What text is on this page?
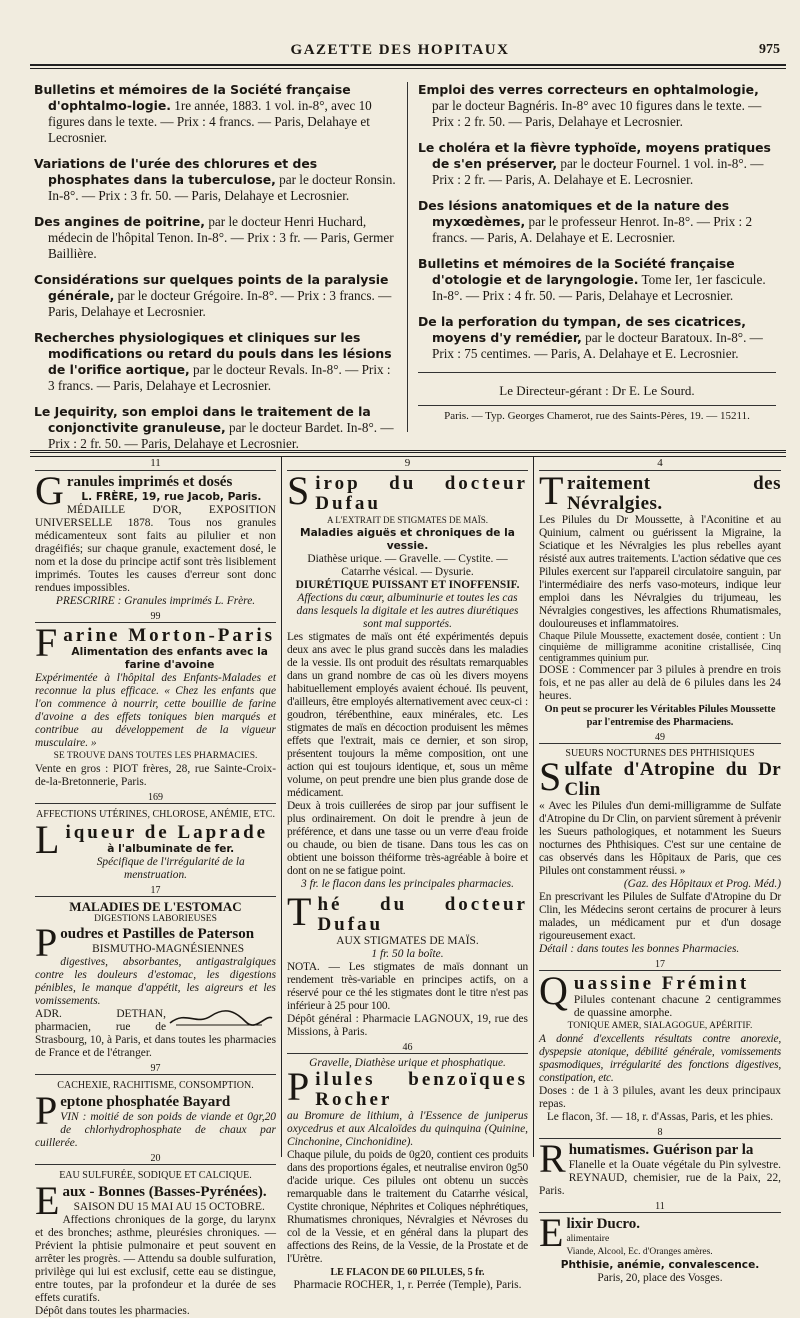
GAZETTE DES HOPITAUX	975
Bulletins et mémoires de la Société française d'ophtalmo-logie. 1re année, 1883. 1 vol. in-8°, avec 10 figures dans le texte. — Prix : 4 francs. — Paris, Delahaye et Lecrosnier.
Variations de l'urée des chlorures et des phosphates dans la tuberculose, par le docteur Ronsin. In-8°. — Prix : 3 fr. 50. — Paris, Delahaye et Lecrosnier.
Des angines de poitrine, par le docteur Henri Huchard, médecin de l'hôpital Tenon. In-8°. — Prix : 3 fr. — Paris, Germer Baillière.
Considérations sur quelques points de la paralysie générale, par le docteur Grégoire. In-8°. — Prix : 3 francs. — Paris, Delahaye et Lecrosnier.
Recherches physiologiques et cliniques sur les modifications ou retard du pouls dans les lésions de l'orifice aortique, par le docteur Revals. In-8°. — Prix : 3 francs. — Paris, Delahaye et Lecrosnier.
Le Jequirity, son emploi dans le traitement de la conjonctivite granuleuse, par le docteur Bardet. In-8°. — Prix : 2 fr. 50. — Paris, Delahaye et Lecrosnier.
Emploi des verres correcteurs en ophtalmologie, par le docteur Bagnéris. In-8° avec 10 figures dans le texte. — Prix : 2 fr. 50. — Paris, Delahaye et Lecrosnier.
Le choléra et la fièvre typhoïde, moyens pratiques de s'en préserver, par le docteur Fournel. 1 vol. in-8°. — Prix : 2 fr. — Paris, A. Delahaye et E. Lecrosnier.
Des lésions anatomiques et de la nature des myxœdèmes, par le professeur Henrot. In-8°. — Prix : 2 francs. — Paris, A. Delahaye et E. Lecrosnier.
Bulletins et mémoires de la Société française d'otologie et de laryngologie. Tome Ier, 1er fascicule. In-8°. — Prix : 4 fr. 50. — Paris, Delahaye et Lecrosnier.
De la perforation du tympan, de ses cicatrices, moyens d'y remédier, par le docteur Baratoux. In-8°. — Prix : 75 centimes. — Paris, A. Delahaye et E. Lecrosnier.
Le Directeur-gérant : Dr E. Le Sourd.
Paris. — Typ. Georges Chamerot, rue des Saints-Pères, 19. — 15211.
11
G ranules imprimés et dosés
L. FRÈRE, 19, rue Jacob, Paris.
MÉDAILLE D'OR, EXPOSITION UNIVERSELLE 1878. Tous nos granules médicamenteux sont faits au pilulier et non dragéifiés; sur chaque granule, exactement dosé, le nom et la dose du principe actif sont très lisiblement imprimés. Toutes les causes d'erreur sont donc rendues impossibles.
PRESCRIRE : Granules imprimés L. Frère.
99
F arine Morton-Paris
Alimentation des enfants avec la farine d'avoine
Expérimentée à l'hôpital des Enfants-Malades et reconnue la plus efficace. « Chez les enfants que l'on commence à nourrir, cette bouillie de farine d'avoine a des effets toniques bien marqués et contribue au développement de la vigueur musculaire. »
SE TROUVE DANS TOUTES LES PHARMACIES.
Vente en gros : PIOT frères, 28, rue Sainte-Croix-de-la-Bretonnerie, Paris.
169
AFFECTIONS UTÉRINES, CHLOROSE, ANÉMIE, ETC.
L iqueur de Laprade
à l'albuminate de fer.
Spécifique de l'irrégularité de la menstruation.
17
MALADIES DE L'ESTOMAC
DIGESTIONS LABORIEUSES
P oudres et Pastilles de Paterson
BISMUTHO-MAGNÉSIENNES
digestives, absorbantes, antigastralgiques contre les douleurs d'estomac, les digestions pénibles, le manque d'appétit, les aigreurs et les vomissements.
ADR. DETHAN, pharmacien, rue de Strasbourg, 10, à Paris, et dans toutes les pharmacies de France et de l'étranger.
97
CACHEXIE, RACHITISME, CONSOMPTION.
P eptone phosphatée Bayard
VIN : moitié de son poids de viande et 0gr,20 de chlorhydrophosphate de chaux par cuillerée.
20
EAU SULFURÉE, SODIQUE ET CALCIQUE.
E aux - Bonnes (Basses-Pyrénées).
SAISON DU 15 MAI AU 15 OCTOBRE.
Affections chroniques de la gorge, du larynx et des bronches; asthme, pleurésies chroniques. — Prévient la phtisie pulmonaire et peut souvent en arrêter les progrès. — Attendu sa double sulfuration, privilège qui lui est exclusif, cette eau se distingue, entre toutes, par la profondeur et la durée de ses effets curatifs.
Dépôt dans toutes les pharmacies.
9
S irop du docteur Dufau
A L'EXTRAIT DE STIGMATES DE MAÏS.
Maladies aiguës et chroniques de la vessie.
Diathèse urique. — Gravelle. — Cystite. — Catarrhe vésical. — Dysurie.
DIURÉTIQUE PUISSANT ET INOFFENSIF.
Affections du cœur, albuminurie et toutes les cas dans lesquels la digitale et les autres diurétiques sont mal supportés.
Les stigmates de maïs ont été expérimentés depuis deux ans avec le plus grand succès dans les maladies de la vessie. Ils ont produit des résultats remarquables dans un grand nombre de cas où les divers moyens habituellement employés avaient échoué. Ils peuvent, d'ailleurs, être employés alternativement avec ceux-ci : goudron, térébenthine, eaux minérales, etc. Les stigmates de maïs en décoction produisent les mêmes effets que l'extrait, mais ce dernier, et son sirop, présentent toujours la même composition, ont une action qui est toujours identique, et, sous un même volume, on peut prendre une bien plus grande dose de médicament.
Deux à trois cuillerées de sirop par jour suffisent le plus ordinairement. On doit le prendre à jeun de préférence, et dans une tasse ou un verre d'eau froide ou chaude, ou bien de tisane. Dans tous les cas on obtient une boisson théiforme très-agréable à boire et dont on ne se fatigue point.
3 fr. le flacon dans les principales pharmacies.
T hé du docteur Dufau
AUX STIGMATES DE MAÏS.
1 fr. 50 la boîte.
NOTA. — Les stigmates de maïs donnant un rendement très-variable en principes actifs, on a réservé pour ce thé les stigmates dont le titre n'est pas inférieur à 25 pour 100.
Dépôt général : Pharmacie LAGNOUX, 19, rue des Missions, à Paris.
46
Gravelle, Diathèse urique et phosphatique.
P ilules benzoïques Rocher
au Bromure de lithium, à l'Essence de juniperus oxycedrus et aux Alcaloïdes du quinquina (Quinine, Cinchonine, Cinchonidine).
Chaque pilule, du poids de 0g20, contient ces produits dans des proportions égales, et neutralise environ 0g50 d'acide urique. Ces pilules ont obtenu un succès remarquable dans le traitement du Catarrhe vésical, Cystite chronique, Néphrites et Coliques néphrétiques, Rhumatismes chroniques, Névralgies et Névroses du col de la Vessie, et en général dans la plupart des affections des Reins, de la Vessie, de la Prostate et de l'Urètre.
LE FLACON DE 60 PILULES, 5 fr.
Pharmacie ROCHER, 1, r. Perrée (Temple), Paris.
4
T raitement des Névralgies.
Les Pilules du Dr Moussette, à l'Aconitine et au Quinium, calment ou guérissent la Migraine, la Sciatique et les Névralgies les plus rebelles ayant résisté aux autres traitements. L'action sédative que ces Pilules exercent sur l'appareil circulatoire sanguin, par l'intermédiaire des nerfs vaso-moteurs, indique leur emploi dans les Névralgies du trijumeau, les Névralgies congestives, les affections Rhumatismales, douloureuses et inflammatoires.
Chaque Pilule Moussette, exactement dosée, contient : Un cinquième de milligramme aconitine cristallisée, Cinq centigrammes quinium pur.
DOSE : Commencer par 3 pilules à prendre en trois fois, et ne pas aller au delà de 6 pilules dans les 24 heures.
On peut se procurer les Véritables Pilules Moussette par l'entremise des Pharmaciens.
49
SUEURS NOCTURNES DES PHTHISIQUES
S ulfate d'Atropine du Dr Clin
« Avec les Pilules d'un demi-milligramme de Sulfate d'Atropine du Dr Clin, on parvient sûrement à prévenir les Sueurs pathologiques, et notamment les Sueurs nocturnes des Phthisiques. C'est sur une centaine de cas observés dans les Hôpitaux de Paris, que ces Pilules ont constamment réussi. »
(Gaz. des Hôpitaux et Prog. Méd.)
En prescrivant les Pilules de Sulfate d'Atropine du Dr Clin, les Médecins seront certains de procurer à leurs malades, un médicament pur et d'un dosage rigoureusement exact.
Détail : dans toutes les bonnes Pharmacies.
17
Q uassine Frémint
Pilules contenant chacune 2 centigrammes de quassine amorphe.
TONIQUE AMER, SIALAGOGUE, APÉRITIF.
A donné d'excellents résultats contre anorexie, dyspepsie atonique, débilité générale, vomissements spasmodiques, irrégularité des fonctions digestives, constipation, etc.
Doses : de 1 à 3 pilules, avant les deux principaux repas.
Le flacon, 3f. — 18, r. d'Assas, Paris, et les phies.
8
R humatismes. Guérison par la
Flanelle et la Ouate végétale du Pin sylvestre. REYNAUD, chemisier, rue de la Paix, 22, Paris.
11
E lixir Ducro.
alimentaire
Viande, Alcool, Ec. d'Oranges amères.
Phthisie, anémie, convalescence.
Paris, 20, place des Vosges.
